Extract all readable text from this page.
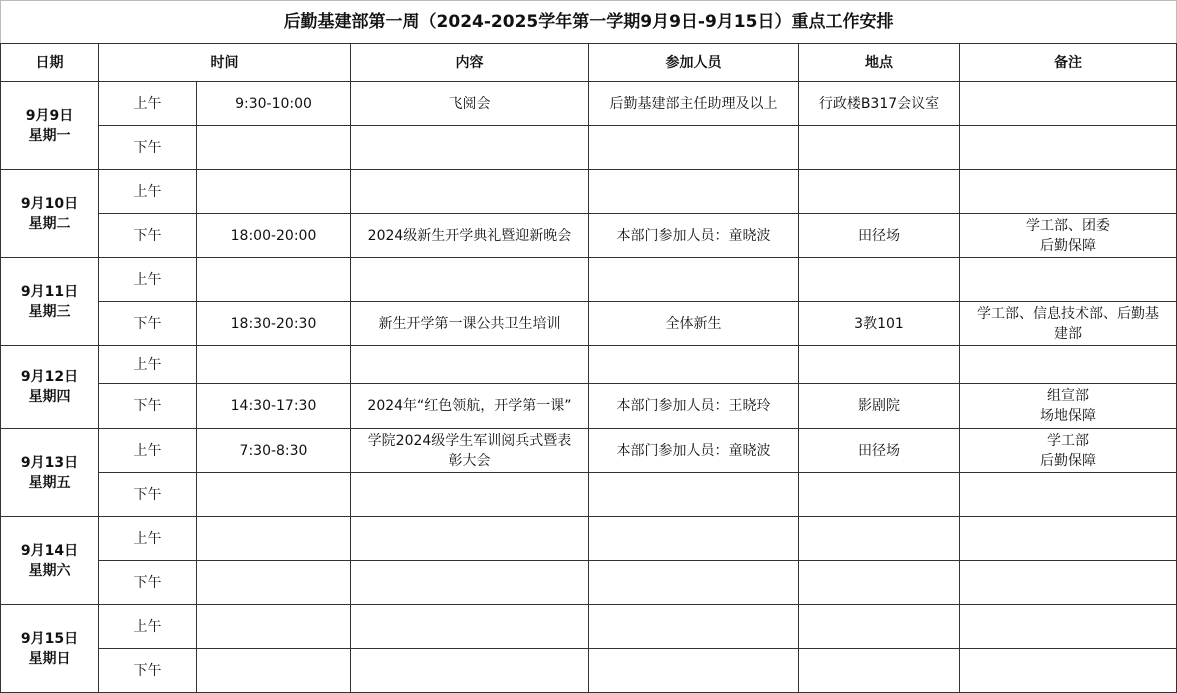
后勤基建部第一周（2024-2025学年第一学期9月9日-9月15日）重点工作安排						
日期	时间		内容	参加人员	地点	备注
9月9日
星期一	上午	9:30-10:00	飞阅会	后勤基建部主任助理及以上	行政楼B317会议室	
	下午					
9月10日
星期二	上午					
	下午	18:00-20:00	2024级新生开学典礼暨迎新晚会	本部门参加人员：童晓波	田径场	学工部、团委
后勤保障
9月11日
星期三	上午					
	下午	18:30-20:30	新生开学第一课公共卫生培训	全体新生	3教101	学工部、信息技术部、后勤基
建部
9月12日
星期四	上午					
	下午	14:30-17:30	2024年“红色领航，开学第一课”	本部门参加人员：王晓玲	影剧院	组宣部
场地保障
9月13日
星期五	上午	7:30-8:30	学院2024级学生军训阅兵式暨表
彰大会	本部门参加人员：童晓波	田径场	学工部
后勤保障
	下午					
9月14日
星期六	上午					
	下午					
9月15日
星期日	上午					
	下午					
